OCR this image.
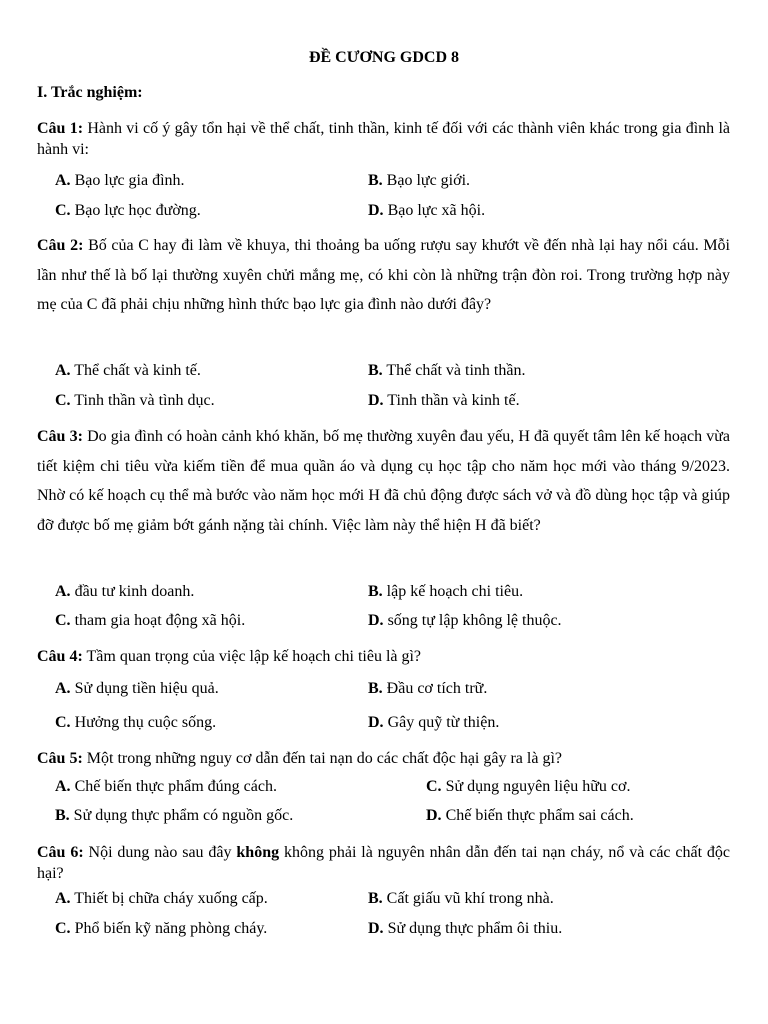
ĐỀ CƯƠNG GDCD 8
I. Trắc nghiệm:
Câu 1: Hành vi cố ý gây tổn hại về thể chất, tinh thần, kinh tế đối với các thành viên khác trong gia đình là hành vi:
A. Bạo lực gia đình.	B. Bạo lực giới.
C. Bạo lực học đường.	D. Bạo lực xã hội.
Câu 2: Bố của C hay đi làm về khuya, thi thoảng ba uống rượu say khướt về đến nhà lại hay nổi cáu. Mỗi lần như thế là bố lại thường xuyên chửi mắng mẹ, có khi còn là những trận đòn roi. Trong trường hợp này mẹ của C đã phải chịu những hình thức bạo lực gia đình nào dưới đây?
A. Thể chất và kinh tế.	B. Thể chất và tinh thần.
C. Tinh thần và tình dục.	D. Tinh thần và kinh tế.
Câu 3: Do gia đình có hoàn cảnh khó khăn, bố mẹ thường xuyên đau yếu, H đã quyết tâm lên kế hoạch vừa tiết kiệm chi tiêu vừa kiếm tiền để mua quần áo và dụng cụ học tập cho năm học mới vào tháng 9/2023. Nhờ có kế hoạch cụ thể mà bước vào năm học mới H đã chủ động được sách vở và đồ dùng học tập và giúp đỡ được bố mẹ giảm bớt gánh nặng tài chính. Việc làm này thể hiện H đã biết?
A. đầu tư kinh doanh.	B. lập kế hoạch chi tiêu.
C. tham gia hoạt động xã hội.	D. sống tự lập không lệ thuộc.
Câu 4: Tầm quan trọng của việc lập kế hoạch chi tiêu là gì?
A. Sử dụng tiền hiệu quả.	B. Đầu cơ tích trữ.
C. Hưởng thụ cuộc sống.	D. Gây quỹ từ thiện.
Câu 5: Một trong những nguy cơ dẫn đến tai nạn do các chất độc hại gây ra là gì?
A. Chế biến thực phẩm đúng cách.	C. Sử dụng nguyên liệu hữu cơ.
B. Sử dụng thực phẩm có nguồn gốc.	D. Chế biến thực phẩm sai cách.
Câu 6: Nội dung nào sau đây không không phải là nguyên nhân dẫn đến tai nạn cháy, nổ và các chất độc hại?
A. Thiết bị chữa cháy xuống cấp.	B. Cất giấu vũ khí trong nhà.
C. Phổ biến kỹ năng phòng cháy.	D. Sử dụng thực phẩm ôi thiu.
